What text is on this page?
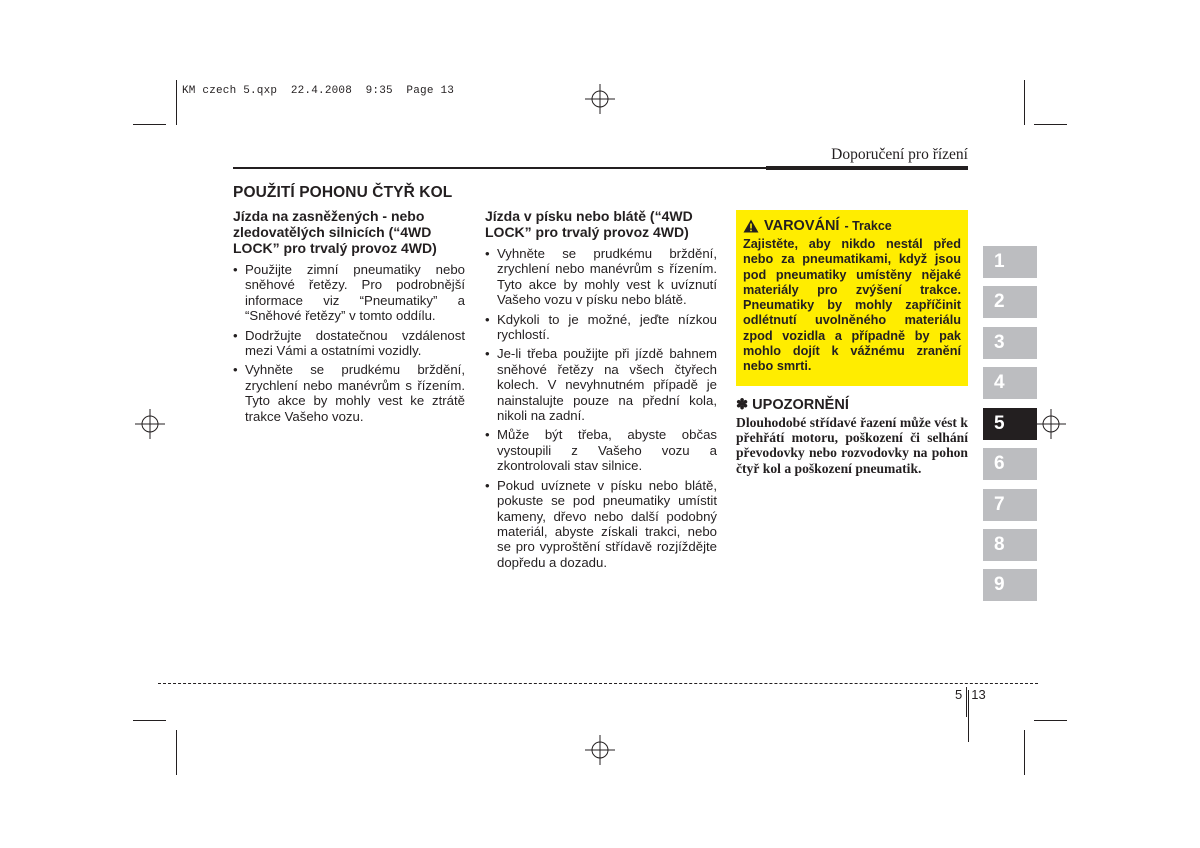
KM czech 5.qxp  22.4.2008  9:35  Page 13
Doporučení pro řízení
POUŽITÍ POHONU ČTYŘ KOL
Jízda na zasněžených - nebo zledovatělých silnicích (“4WD LOCK” pro trvalý provoz 4WD)
• Použijte zimní pneumatiky nebo sněhové řetězy. Pro podrobnější informace viz “Pneumatiky” a “Sněhové řetězy” v tomto oddílu.
• Dodržujte dostatečnou vzdálenost mezi Vámi a ostatními vozidly.
• Vyhněte se prudkému brždění, zrychlení nebo manévrům s řízením. Tyto akce by mohly vest ke ztrátě trakce Vašeho vozu.
Jízda v písku nebo blátě (“4WD LOCK” pro trvalý provoz 4WD)
• Vyhněte se prudkému brždění, zrychlení nebo manévrům s řízením. Tyto akce by mohly vest k uvíznutí Vašeho vozu v písku nebo blátě.
• Kdykoli to je možné, jeďte nízkou rychlostí.
• Je-li třeba použijte při jízdě bahnem sněhové řetězy na všech čtyřech kolech. V nevyhnutném případě je nainstalujte pouze na přední kola, nikoli na zadní.
• Může být třeba, abyste občas vystoupili z Vašeho vozu a zkontrolovali stav silnice.
• Pokud uvíznete v písku nebo blátě, pokuste se pod pneumatiky umístit kameny, dřevo nebo další podobný materiál, abyste získali trakci, nebo se pro vyproštění střídavě rozjíždějte dopředu a dozadu.
VAROVÁNÍ - Trakce
Zajistěte, aby nikdo nestál před nebo za pneumatikami, když jsou pod pneumatiky umístěny nějaké materiály pro zvýšení trakce. Pneumatiky by mohly zapříčinit odlétnutí uvolněného materiálu zpod vozidla a případně by pak mohlo dojít k vážnému zranění nebo smrti.
✽ UPOZORNĚNÍ
Dlouhodobé střídavé řazení může vést k přehřátí motoru, poškození či selhání převodovky nebo rozvodovky na pohon čtyř kol a poškození pneumatik.
1
2
3
4
5
6
7
8
9
5 13
